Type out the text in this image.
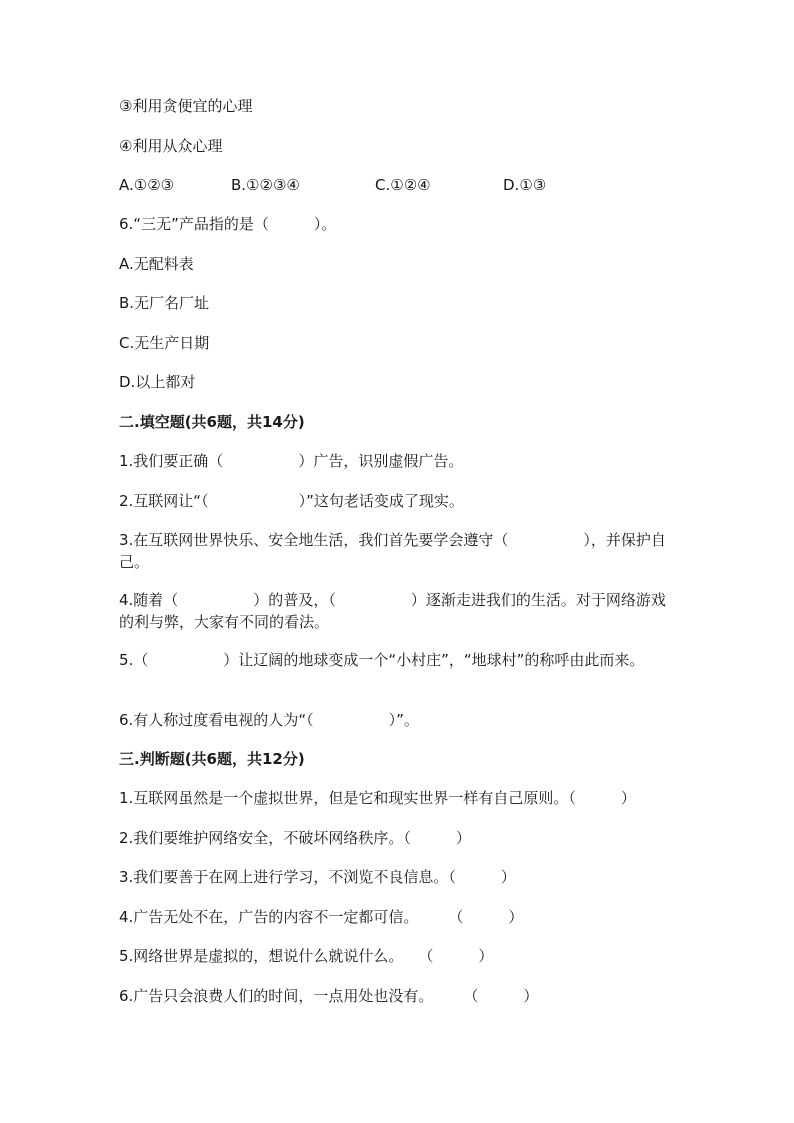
③利用贪便宜的心理
④利用从众心理
A.①②③	B.①②③④	C.①②④	D.①③
6.“三无”产品指的是（　　　）。
A.无配料表
B.无厂名厂址
C.无生产日期
D.以上都对
二.填空题(共6题，共14分)
1.我们要正确（　　　　　）广告，识别虚假广告。
2.互联网让“（　　　　　　）”这句老话变成了现实。
3.在互联网世界快乐、安全地生活，我们首先要学会遵守（　　　　　），并保护自己。
4.随着（　　　　　）的普及，（　　　　　）逐渐走进我们的生活。对于网络游戏的利与弊，大家有不同的看法。
5.（　　　　　）让辽阔的地球变成一个“小村庄”，“地球村”的称呼由此而来。
6.有人称过度看电视的人为“（　　　　　）”。
三.判断题(共6题，共12分)
1.互联网虽然是一个虚拟世界，但是它和现实世界一样有自己原则。（　　　）
2.我们要维护网络安全，不破坏网络秩序。（　　　）
3.我们要善于在网上进行学习，不浏览不良信息。（　　　）
4.广告无处不在，广告的内容不一定都可信。　　　（　　　）
5.网络世界是虚拟的，想说什么就说什么。　　（　　　）
6.广告只会浪费人们的时间，一点用处也没有。　　　（　　　）
